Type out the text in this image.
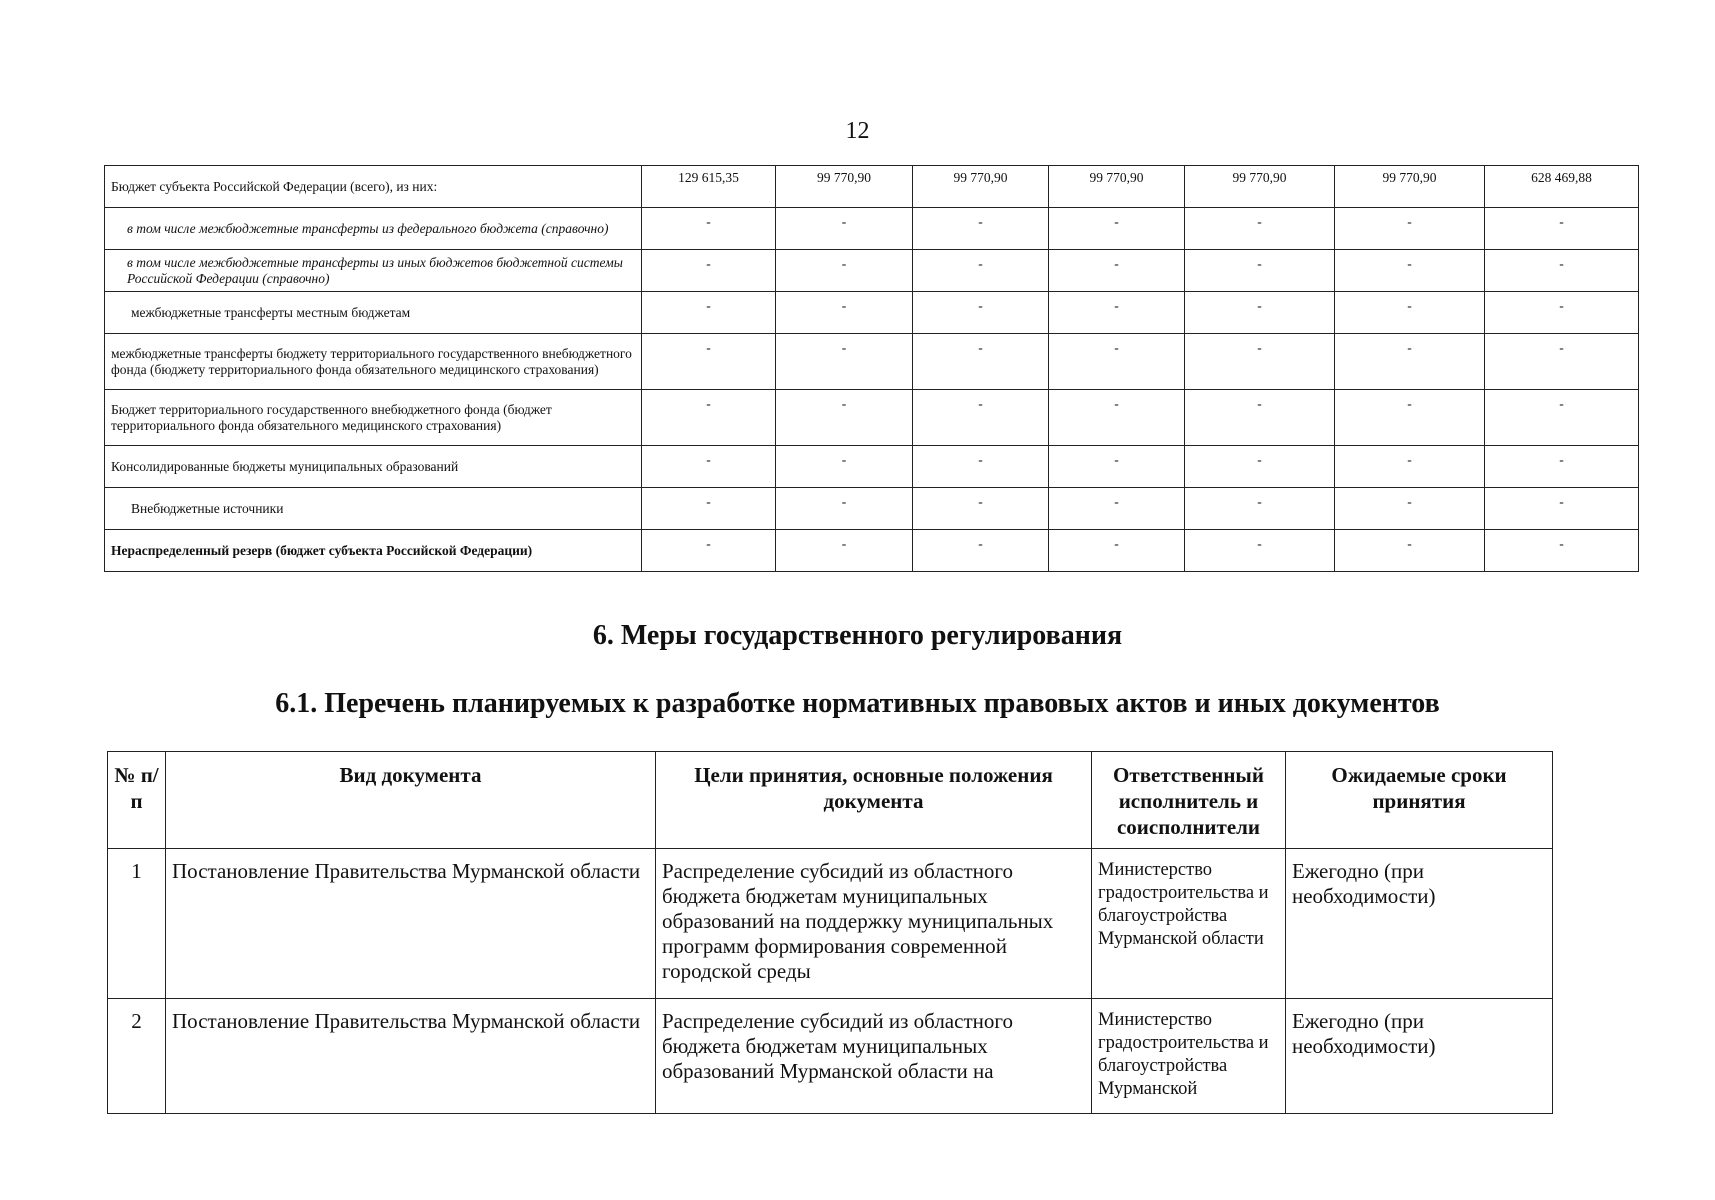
12
Бюджет субъекта Российской Федерации (всего), из них:	129 615,35	99 770,90	99 770,90	99 770,90	99 770,90	99 770,90	628 469,88
в том числе межбюджетные трансферты из федерального бюджета (справочно)	-	-	-	-	-	-	-
в том числе межбюджетные трансферты из иных бюджетов бюджетной системы Российской Федерации (справочно)	-	-	-	-	-	-	-
межбюджетные трансферты местным бюджетам	-	-	-	-	-	-	-
межбюджетные трансферты бюджету территориального государственного внебюджетного фонда (бюджету территориального фонда обязательного медицинского страхования)	-	-	-	-	-	-	-
Бюджет территориального государственного внебюджетного фонда (бюджет территориального фонда обязательного медицинского страхования)	-	-	-	-	-	-	-
Консолидированные бюджеты муниципальных образований	-	-	-	-	-	-	-
Внебюджетные источники	-	-	-	-	-	-	-
Нераспределенный резерв (бюджет субъекта Российской Федерации)	-	-	-	-	-	-	-
6. Меры государственного регулирования
6.1. Перечень планируемых к разработке нормативных правовых актов и иных документов
№ п/п	Вид документа	Цели принятия, основные положения документа	Ответственный исполнитель и соисполнители	Ожидаемые сроки принятия
1	Постановление Правительства Мурманской области	Распределение субсидий из областного бюджета бюджетам муниципальных образований на поддержку муниципальных программ формирования современной городской среды	Министерство градостроительства и благоустройства Мурманской области	Ежегодно (при необходимости)
2	Постановление Правительства Мурманской области	Распределение субсидий из областного бюджета бюджетам муниципальных образований Мурманской области на	Министерство градостроительства и благоустройства Мурманской	Ежегодно (при необходимости)
